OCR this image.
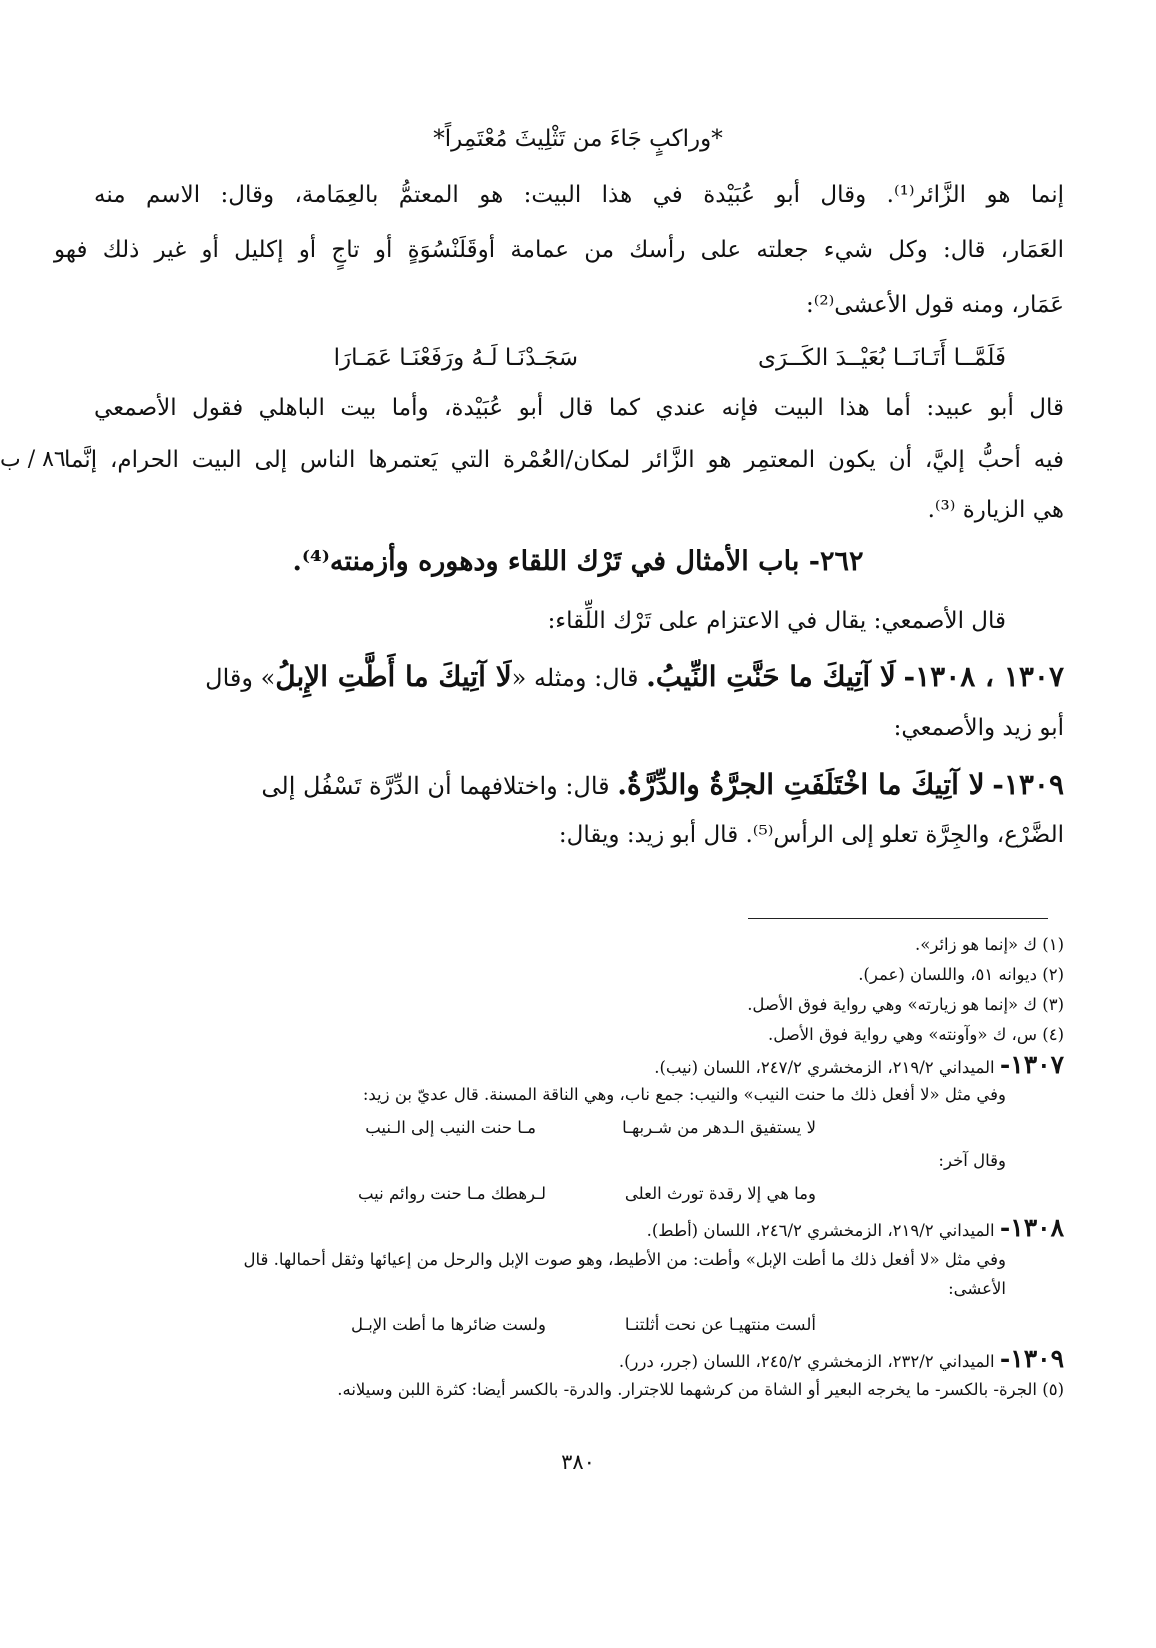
*وراكبٍ جَاءَ من تَثْلِيثَ مُعْتَمِراً*
إنما هو الزَّائر⁽¹⁾. وقال أبو عُبَيْدة في هذا البيت: هو المعتمُّ بالعِمَامة، وقال: الاسم منه
العَمَار، قال: وكل شيء جعلته على رأسك من عمامة أوقَلَنْسُوَةٍ أو تاجٍ أو إكليل أو غير ذلك فهو
عَمَار، ومنه قول الأعشى⁽²⁾:
فَلَمَّــا أَتَـانَــا بُعَيْــدَ الكَــرَى
سَجَـدْنَـا لَـهُ ورَفَعْنَـا عَمَـارَا
قال أبو عبيد: أما هذا البيت فإنه عندي كما قال أبو عُبَيْدة، وأما بيت الباهلي فقول الأصمعي
فيه أحبُّ إليَّ، أن يكون المعتمِر هو الزَّائر لمكان/العُمْرة التي يَعتمرها الناس إلى البيت الحرام، إنَّما
هي الزيارة ⁽³⁾.
٨٦ / ب
٢٦٢- باب الأمثال في تَرْك اللقاء ودهوره وأزمنته⁽⁴⁾.
قال الأصمعي: يقال في الاعتزام على تَرْك اللِّقاء:
١٣٠٧ ، ١٣٠٨- لَا آتِيكَ ما حَنَّتِ النِّيبُ. قال: ومثله «لَا آتِيكَ ما أَطَّتِ الإِبلُ» وقال
أبو زيد والأصمعي:
١٣٠٩- لا آتِيكَ ما اخْتَلَفَتِ الجرَّةُ والدِّرَّةُ. قال: واختلافهما أن الدِّرَّة تَسْفُل إلى
الضَّرْع، والجِرَّة تعلو إلى الرأس⁽⁵⁾. قال أبو زيد: ويقال:
(١) ك «إنما هو زائر».
(٢) ديوانه ٥١، واللسان (عمر).
(٣) ك «إنما هو زيارته» وهي رواية فوق الأصل.
(٤) س، ك «وآونته» وهي رواية فوق الأصل.
١٣٠٧- الميداني ٢١٩/٢، الزمخشري ٢٤٧/٢، اللسان (نيب).
وفي مثل «لا أفعل ذلك ما حنت النيب» والنيب: جمع ناب، وهي الناقة المسنة. قال عديّ بن زيد:
لا يستفيق الـدهر من شـربهـا
مـا حنت النيب إلى الـنيب
وقال آخر:
وما هي إلا رقدة تورث العلى
لـرهطك مـا حنت روائم نيب
١٣٠٨- الميداني ٢١٩/٢، الزمخشري ٢٤٦/٢، اللسان (أطط).
وفي مثل «لا أفعل ذلك ما أطت الإبل» وأطت: من الأطيط، وهو صوت الإبل والرحل من إعيائها وثقل أحمالها. قال
الأعشى:
ألست منتهيـا عن نحت أثلتنـا
ولست ضائرها ما أطت الإبـل
١٣٠٩- الميداني ٢٣٢/٢، الزمخشري ٢٤٥/٢، اللسان (جرر، درر).
(٥) الجرة- بالكسر- ما يخرجه البعير أو الشاة من كرشهما للاجترار. والدرة- بالكسر أيضا: كثرة اللبن وسيلانه.
٣٨٠
